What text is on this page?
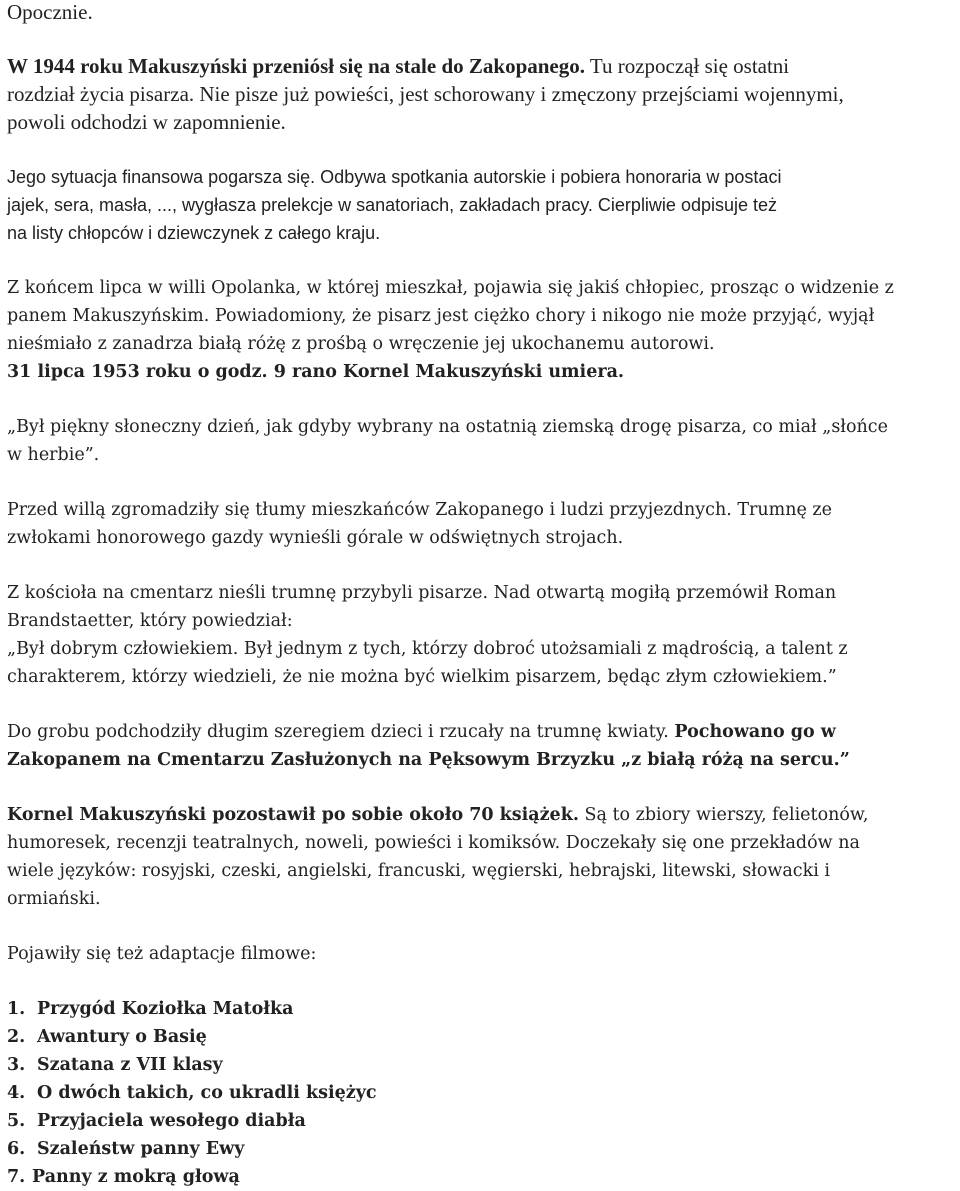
Opocznie.

W 1944 roku Makuszyński przeniósł się na stale do Zakopanego. Tu rozpoczął się ostatni
rozdział życia pisarza. Nie pisze już powieści, jest schorowany i zmęczony przejściami wojennymi,
powoli odchodzi w zapomnienie.

Jego sytuacja finansowa pogarsza się. Odbywa spotkania autorskie i pobiera honoraria w postaci
jajek, sera, masła, ..., wygłasza prelekcje w sanatoriach, zakładach pracy. Cierpliwie odpisuje też
na listy chłopców i dziewczynek z całego kraju.

Z końcem lipca w willi Opolanka, w której mieszkał, pojawia się jakiś chłopiec, prosząc o widzenie z
panem Makuszyńskim. Powiadomiony, że pisarz jest ciężko chory i nikogo nie może przyjąć, wyjął
nieśmiało z zanadrza białą różę z prośbą o wręczenie jej ukochanemu autorowi.
31 lipca 1953 roku o godz. 9 rano Kornel Makuszyński umiera.

„Był piękny słoneczny dzień, jak gdyby wybrany na ostatnią ziemską drogę pisarza, co miał „słońce
w herbie”.

Przed willą zgromadziły się tłumy mieszkańców Zakopanego i ludzi przyjezdnych. Trumnę ze
zwłokami honorowego gazdy wynieśli górale w odświętnych strojach.

Z kościoła na cmentarz nieśli trumnę przybyli pisarze. Nad otwartą mogiłą przemówił Roman
Brandstaetter, który powiedział:
„Był dobrym człowiekiem. Był jednym z tych, którzy dobroć utożsamiali z mądrością, a talent z
charakterem, którzy wiedzieli, że nie można być wielkim pisarzem, będąc złym człowiekiem.”

Do grobu podchodziły długim szeregiem dzieci i rzucały na trumnę kwiaty. Pochowano go w
Zakopanem na Cmentarzu Zasłużonych na Pęksowym Brzyzku „z białą różą na sercu.”

Kornel Makuszyński pozostawił po sobie około 70 książek. Są to zbiory wierszy, felietonów,
humoresek, recenzji teatralnych, noweli, powieści i komiksów. Doczekały się one przekładów na
wiele języków: rosyjski, czeski, angielski, francuski, węgierski, hebrajski, litewski, słowacki i
ormiański.

Pojawiły się też adaptacje filmowe:

1. Przygód Koziołka Matołka
2. Awantury o Basię
3. Szatana z VII klasy
4. O dwóch takich, co ukradli księżyc
5. Przyjaciela wesołego diabła
6. Szaleństw panny Ewy
7. Panny z mokrą głową
